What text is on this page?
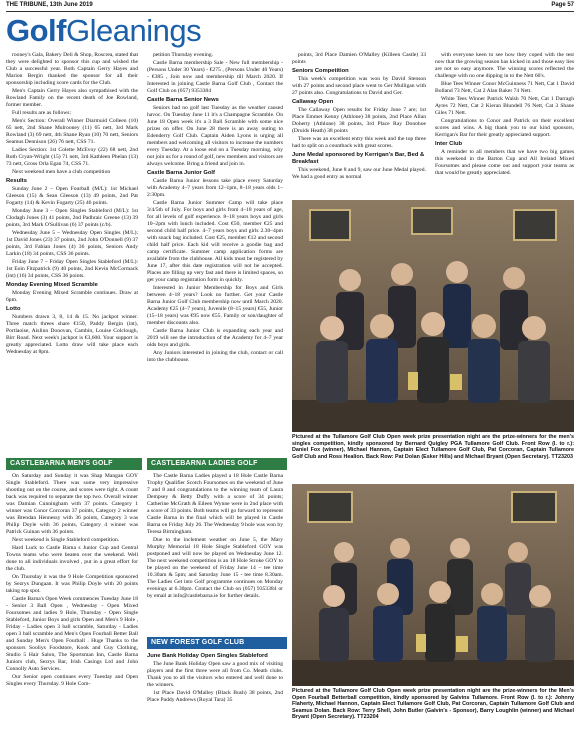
THE TRIBUNE, 13th June 2019	Page 57
GolfGleanings

rooney's Gala, Bakery Deli & Shop, Roscrea, stated that they were delighted to sponsor this cup and wished the Club a successful year. Both Captain Gerry Hayes and Marion Bergin thanked the sponsor for all their sponsorship including score cards for the Club.

Men's Captain Gerry Hayes also sympathised with the Rowland Family on the recent death of Joe Rowland, former member.

Full results are as follows:

Men's Section: Overall Winner Diarmuid Colleen (10) 65 nett, 2nd Shane Mulrooney (11) 65 nett, 3rd Mark Rowland (3) 69 nett, 4th Shane Ryan (10) 70 nett, Seniors Seamus Dennison (26) 76 nett, CSS 71.

Ladies Section: 1st Colette McEvoy (22) 68 nett, 2nd Ruth Cryan-Wright (15) 71 nett, 3rd Kathleen Phelan (13) 73 nett, Gross Orla Egan 74, CSS 71.

Next weekend men have a club competition

Results

Sunday June 2 – Open Fourball (M/L): 1st Michael Gleeson (15) & Sean Gleeson (13) 49 points, 2nd Pat Fogarty (14) & Kevin Fogarty (25) 46 points.

Monday June 3 – Open Singles Stableford (M/L): 1st Clodagh Jones (3) 41 points, 2nd Padhraic Greene (13) 39 points, 3rd Mark O'Sullivan (6) 37 points (c/b).

Wednesday June 5 – Wednesday Open Singles (M/L): 1st David Jones (23) 37 points, 2nd John O'Donnell (9) 37 points, 3rd Fabian Jones (4) 36 points, Seniors Andy Larkin (18) 34 points, CSS 36 points.

Friday June 7 – Friday Open Singles Stableford (M/L): 1st Eoin Fitzpatrick (9) 40 points, 2nd Kevin McCormack (int) (16) 34 points, CSS 36 points.

Monday Evening Mixed Scramble

Monday Evening Mixed Scramble continues. Draw at 6pm.

Lotto

Numbers drawn 3, 8, 14 & 15. No jackpot winner. Three match threes share €150, Paddy Bergin (int), Portlaoise, Aislinn Donovan, Cambin, Louise Colclough, Birr Road. Next week's jackpot is €3,600. Your support is greatly appreciated. Lotto draw will take place each Wednesday at 8pm.

petition Thursday evening.

Castle Barna membership Sale - New full membership - (Persons Under 30 Years) - €275 , (Persons Under 40 Years) - €385 , Join now and membership till March 2020. If Interested in joining Castle Barna Golf Club , Contact the Golf Club on (057) 9353384

Castle Barna Senior News

Seniors had no golf last Tuesday as the weather caused havoc. On Tuesday June 11 it's a Champagne Scramble. On June 18 Open week it's a 3 Ball Scramble with some nice prizes on offer. On June 28 there is an away outing to Edenderry Golf Club. Captain Aiden Lyons is urging all members and welcoming all visitors to increase the numbers every Tuesday. At a loose end on a Tuesday morning, why not join us for a round of golf, new members and visitors are always welcome. Bring a friend and join in.

Castle Barna Junior Golf

Castle Barna Junior lessons take place every Saturday with Academy 4–7 years from 12–1pm, 8–18 years olds 1–2:30pm.

Castle Barna Junior Summer Camp will take place 3/4/5th of July. For boys and girls from 4–18 years of age, for all levels of golf experience. 8–18 years boys and girls 10–2pm with lunch included. Cost €50, member €25 and second child half price. 4–7 years boys and girls 2.30–4pm with snack bag included. Cost €25, member €12 and second child half price. Each kid will receive a goodie bag and camp certificate. Summer camp application forms are available from the clubhouse. All kids must be registered by June 17, after this date registration will not be accepted. Places are filling up very fast and there is limited spaces, so get your camp registration form in quickly.

Interested in Junior Membership for Boys and Girls between 4–18 years? Look no further. Get your Castle Barna Junior Golf Club membership now until March 2020. Academy €25 (4–7 years), Juvenile (8–15 years) €55, Junior (15–18 years) was €95 now €55. Family or son/daughter of member discounts also.

Castle Barna Junior Club is expanding each year and 2019 will see the introduction of the Academy for 4–7 year olds boys and girls.

Any Juniors interested in joining the club, contact or call into the clubhouse.

points, 3rd Place Damien O'Malley (Killeen Castle) 33 points

Seniors Competition

This week's competition was won by David Stenson with 27 points and second place went to Ger Mulligan with 27 points also. Congratulations to David and Ger.

Callaway Open

The Callaway Open results for Friday June 7 are; 1st Place Emmet Kenny (Athlone) 38 points, 2nd Place Allan Doherty (Athlone) 38 points, 3rd Place Ray Donohoe (Druids Heath) 38 points

There was an excellent entry this week and the top three had to split on a countback with great scores.

June Medal sponsored by Kerrigan's Bar, Bed & Breakfast

This weekend, June 8 and 9, saw our June Medal played. We had a good entry as normal

with everyone keen to see how they coped with the test now that the growing season has kicked in and those easy lies are not so easy anymore. The winning scores reflected the challenge with no one dipping in to the Nett 60's.

Blue Tees Winner Conor McGuinness 71 Nett, Cat 1 David Bolland 73 Nett, Cat 2 Alan Baker 74 Nett.

White Tees Winner Patrick Walsh 70 Nett, Cat 1 Darragh Ayres 72 Nett, Cat 2 Kieran Blundell 76 Nett, Cat 3 Shane Giles 71 Nett.

Congratulations to Conor and Patrick on their excellent scores and wins. A big thank you to our kind sponsors, Kerrigan's Bar for their greatly appreciated support.

Inter Club

A reminder to all members that we have two big games this weekend in the Barton Cup and All Ireland Mixed Foursomes and please come out and support your teams as that would be greatly appreciated.

Pictured at the Tullamore Golf Club Open week prize presentation night are the prize-winners for the men's singles competition, kindly sponsored by Bernard Quigley PGA Tullamore Golf Club. Front Row (l. to r.): Daniel Fox (winner), Michael Hannon, Captain Elect Tullamore Golf Club, Pat Corcoran, Captain Tullamore Golf Club and Ross Healion. Back Row: Pat Dolan (Esker Hills) and Michael Bryant (Open Secretary). TT23203
CASTLEBARNA MEN'S GOLF

On Saturday and Sunday it was Shap Mangan GOY Single Stableford. There was some very impressive shooting out on the course, and scores were tight. A count back was required to separate the top two. Overall winner was Damian Cunningham with 37 points. Category 1 winner was Conor Corcoran 37 points, Category 2 winner was Brendan Hennessy with 36 points, Category 3 was Philip Doyle with 36 points, Category 4 winner was Patrick Guinan with 36 points.

Next weekend is Single Stableford competition.

Hard Luck to Castle Barna s Junior Cup and Central Towns teams who were beaten over the weekend. Well done to all individuals involved , put in a great effort for the club.

On Thursday it was the 9 Hole Competition sponsored by Sezrys Dungaan. It was Philip Doyle with 20 points taking top spot.

Castle Barna's Open Week commences Tuesday June 18 - Senior 3 Ball Open , Wednesday - Open Mixed Foursomes and ladies 9 Hole, Thursday - Open Single Stableford, Junior Boys and girls Open and Men's 9 Hole , Friday - Ladies open 3 ball scramble, Saturday - Ladies open 3 ball scramble and Men's Open Fourball Better Ball and Sunday Men's Open Fourball . Huge Thanks to the sponsors Sooliys Foodstore, Kook and Guy Clothing, Studio 5 Hair Salon, The Sportsman Inn, Castle Barna Juniors club, Sezrys Bar, Irish Casings Ltd and John Connolly Auto Services.

Our Senior open continues every Tuesday and Open Singles every Thursday. 9 Hole Com-

CASTLEBARNA LADIES GOLF

The Castle Barna Ladies played a 18 Hole Castle Barna Trophy Qualifier Scotch Foursomes on the weekend of June 7 and 8 and congratulations to the winning team of Laura Dempsey & Betty Duffy with a score of 34 points; Catherine McGrath & Eileen Wynne were in 2nd place with a score of 33 points. Both teams will go forward to represent Castle Barna in the final which will be played in Castle Barna on Friday July 26. The Wednesday 9 hole was won by Teresa Birmingham.

Due to the inclement weather on June 5, the Mary Murphy Memorial 18 Hole Single Stableford GOY was postponed and will now be played on Wednesday June 12. The next weekend competition is an 18 Hole Stroke GOY to be played on the weekend of Friday June 14 – tee time 10.30am & 5pm; and Saturday June 15 - tee time 8.30am. The Ladies Get into Golf programme continues on Monday evenings at 6.30pm. Contact the Club on (057) 9353384 or by email at info@castlebarna.ie for further details.

NEW FOREST GOLF CLUB
June Bank Holiday Open Singles Stableford

The June Bank Holiday Open saw a good mix of visiting players and the first three were all from Co. Meath clubs. Thank you to all the visitors who entered and well done to the winners.

1st Place David O'Malley (Black Bush) 38 points, 2nd Place Paddy Andrews (Royal Tara) 35

Pictured at the Tullamore Golf Club Open week prize presentation night are the prize-winners for the Men's Open Fourball Betterball competition, kindly sponsored by Galvins Tullamore. Front Row (l. to r.): Johnny Flaherty, Michael Hannon, Captain Elect Tullamore Golf Club, Pat Corcoran, Captain Tullamore Golf Club and Seamus Dolan. Back Row: Terry Shell, John Butler (Galvin's - Sponsor), Barry Loughlin (winner) and Michael Bryant (Open Secretary). TT23204
